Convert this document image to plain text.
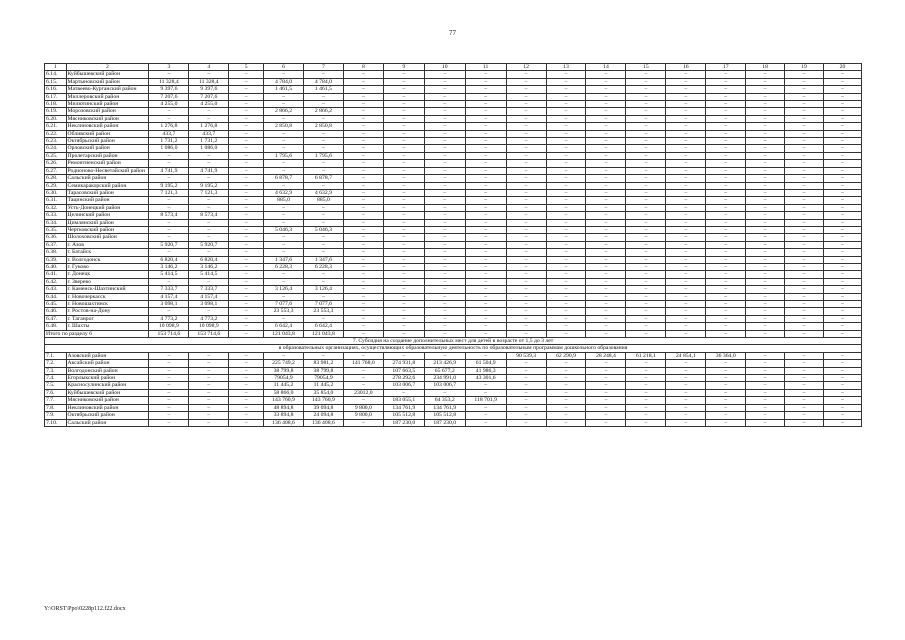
77
1	2	3	4	5	6	7	8	9	10	11	12	13	14	15	16	17	18	19	20
6.14.	Куйбышевский район	–	–	–	–	–	–	–	–	–	–	–	–	–	–	–	–	–	–
6.15.	Мартыновский район	11 328,4	11 328,4	–	4 784,0	4 784,0	–	–	–	–	–	–	–	–	–	–	–	–	–
6.16.	Матвеево-Курганский район	9 397,6	9 397,6	–	1 461,5	1 461,5	–	–	–	–	–	–	–	–	–	–	–	–	–
6.17.	Миллеровский район	7 207,6	7 207,6	–	–	–	–	–	–	–	–	–	–	–	–	–	–	–	–
6.18.	Милютинский район	4 255,0	4 255,0	–	–	–	–	–	–	–	–	–	–	–	–	–	–	–	–
6.19.	Морозовский район	–	–	–	2 866,2	2 866,2	–	–	–	–	–	–	–	–	–	–	–	–	–
6.20.	Мясниковский район	–	–	–	–	–	–	–	–	–	–	–	–	–	–	–	–	–	–
6.21.	Неклиновский район	1 276,8	1 276,8	–	2 850,8	2 850,8	–	–	–	–	–	–	–	–	–	–	–	–	–
6.22.	Обливский район	433,7	433,7	–	–	–	–	–	–	–	–	–	–	–	–	–	–	–	–
6.23.	Октябрьский район	1 731,2	1 731,2	–	–	–	–	–	–	–	–	–	–	–	–	–	–	–	–
6.24.	Орловский район	1 086,0	1 086,0	–	–	–	–	–	–	–	–	–	–	–	–	–	–	–	–
6.25.	Пролетарский район	–	–	–	1 795,6	1 795,6	–	–	–	–	–	–	–	–	–	–	–	–	–
6.26.	Ремонтненский район	–	–	–	–	–	–	–	–	–	–	–	–	–	–	–	–	–	–
6.27.	Родионово-Несветайский район	4 741,9	4 741,9	–	–	–	–	–	–	–	–	–	–	–	–	–	–	–	–
6.28.	Сальский район	–	–	–	6 878,7	6 878,7	–	–	–	–	–	–	–	–	–	–	–	–	–
6.29.	Семикаракорский район	9 195,2	9 195,2	–	–	–	–	–	–	–	–	–	–	–	–	–	–	–	–
6.30.	Тарасовский район	7 121,3	7 121,3	–	4 632,9	4 632,9	–	–	–	–	–	–	–	–	–	–	–	–	–
6.31.	Тацинский район	–	–	–	885,0	885,0	–	–	–	–	–	–	–	–	–	–	–	–	–
6.32.	Усть-Донецкий район	–	–	–	–	–	–	–	–	–	–	–	–	–	–	–	–	–	–
6.33.	Целинский район	8 573,4	8 573,4	–	–	–	–	–	–	–	–	–	–	–	–	–	–	–	–
6.34.	Цимлянский район	–	–	–	–	–	–	–	–	–	–	–	–	–	–	–	–	–	–
6.35.	Чертковский район	–	–	–	5 046,3	5 046,3	–	–	–	–	–	–	–	–	–	–	–	–	–
6.36.	Шолоховский район	–	–	–	–	–	–	–	–	–	–	–	–	–	–	–	–	–	–
6.37.	г. Азов	5 920,7	5 920,7	–	–	–	–	–	–	–	–	–	–	–	–	–	–	–	–
6.38.	г. Батайск	–	–	–	–	–	–	–	–	–	–	–	–	–	–	–	–	–	–
6.39.	г. Волгодонск	6 820,4	6 820,4	–	1 347,6	1 347,6	–	–	–	–	–	–	–	–	–	–	–	–	–
6.40.	г. Гуково	3 146,2	3 146,2	–	6 228,3	6 228,3	–	–	–	–	–	–	–	–	–	–	–	–	–
6.41.	г. Донецк	5 414,5	5 414,5	–	–	–	–	–	–	–	–	–	–	–	–	–	–	–	–
6.42.	г. Зверево	–	–	–	–	–	–	–	–	–	–	–	–	–	–	–	–	–	–
6.43.	г. Каменск-Шахтинский	7 333,7	7 333,7	–	3 126,4	3 126,4	–	–	–	–	–	–	–	–	–	–	–	–	–
6.44.	г. Новочеркасск	4 157,4	4 157,4	–	–	–	–	–	–	–	–	–	–	–	–	–	–	–	–
6.45.	г. Новошахтинск	3 098,1	3 098,1	–	7 077,6	7 077,6	–	–	–	–	–	–	–	–	–	–	–	–	–
6.46.	г. Ростов-на-Дону	–	–	–	23 553,3	23 553,3	–	–	–	–	–	–	–	–	–	–	–	–	–
6.47.	г. Таганрог	4 773,2	4 773,2	–	–	–	–	–	–	–	–	–	–	–	–	–	–	–	–
6.48.	г. Шахты	10 098,9	10 098,9	–	6 642,4	6 642,4	–	–	–	–	–	–	–	–	–	–	–	–	–
Итого по разделу 6		153 714,6	153 714,6	–	121 043,8	121 043,8	–	–	–	–	–	–	–	–	–	–	–	–	–
7. Субсидия на создание дополнительных мест для детей в возрасте от 1,5 до 3 лет																			
в образовательных организациях, осуществляющих образовательную деятельность по образовательным программам дошкольного образования																			
7.1.	Азовский район	–	–	–	–	–	–	–	–	–	90 539,3	62 290,9	28 248,4	61 218,1	24 854,1	36 364,0	–	–	–
7.2.	Аксайский район	–	–	–	225 749,2	83 981,2	141 768,0	274 931,8	213 426,9	61 504,9	–	–	–	–	–	–	–	–	–
7.3.	Волгодонский район	–	–	–	38 799,8	38 799,8	–	107 663,5	65 677,2	41 986,3	–	–	–	–	–	–	–	–	–
7.4.	Егорлыкский район	–	–	–	79054,9	79054,9	–	278 292,6	234 991,0	43 301,6	–	–	–	–	–	–	–	–	–
7.5.	Красносулинский район	–	–	–	11 445,2	11 445,2	–	103 006,7	103 006,7	–	–	–	–	–	–	–	–	–	–
7.6.	Куйбышевский район	–	–	–	58 866,0	35 854,0	23012,0	–	–	–	–	–	–	–	–	–	–	–	–
7.7.	Мясниковский район	–	–	–	143 760,9	143 760,9	–	183 055,1	64 353,2	118 701,9	–	–	–	–	–	–	–	–	–
7.8.	Неклиновский район	–	–	–	48 894,8	39 094,8	9 800,0	134 761,9	134 761,9	–	–	–	–	–	–	–	–	–	–
7.9.	Октябрьский район	–	–	–	33 894,8	24 094,8	9 800,0	105 512,8	105 512,8	–	–	–	–	–	–	–	–	–	–
7.10.	Сальский район	–	–	–	136 408,6	136 408,6	–	187 230,0	187 230,0	–	–	–	–	–	–	–	–	–	–
Y:\ORST\Ppo\0228p112.f22.docx
